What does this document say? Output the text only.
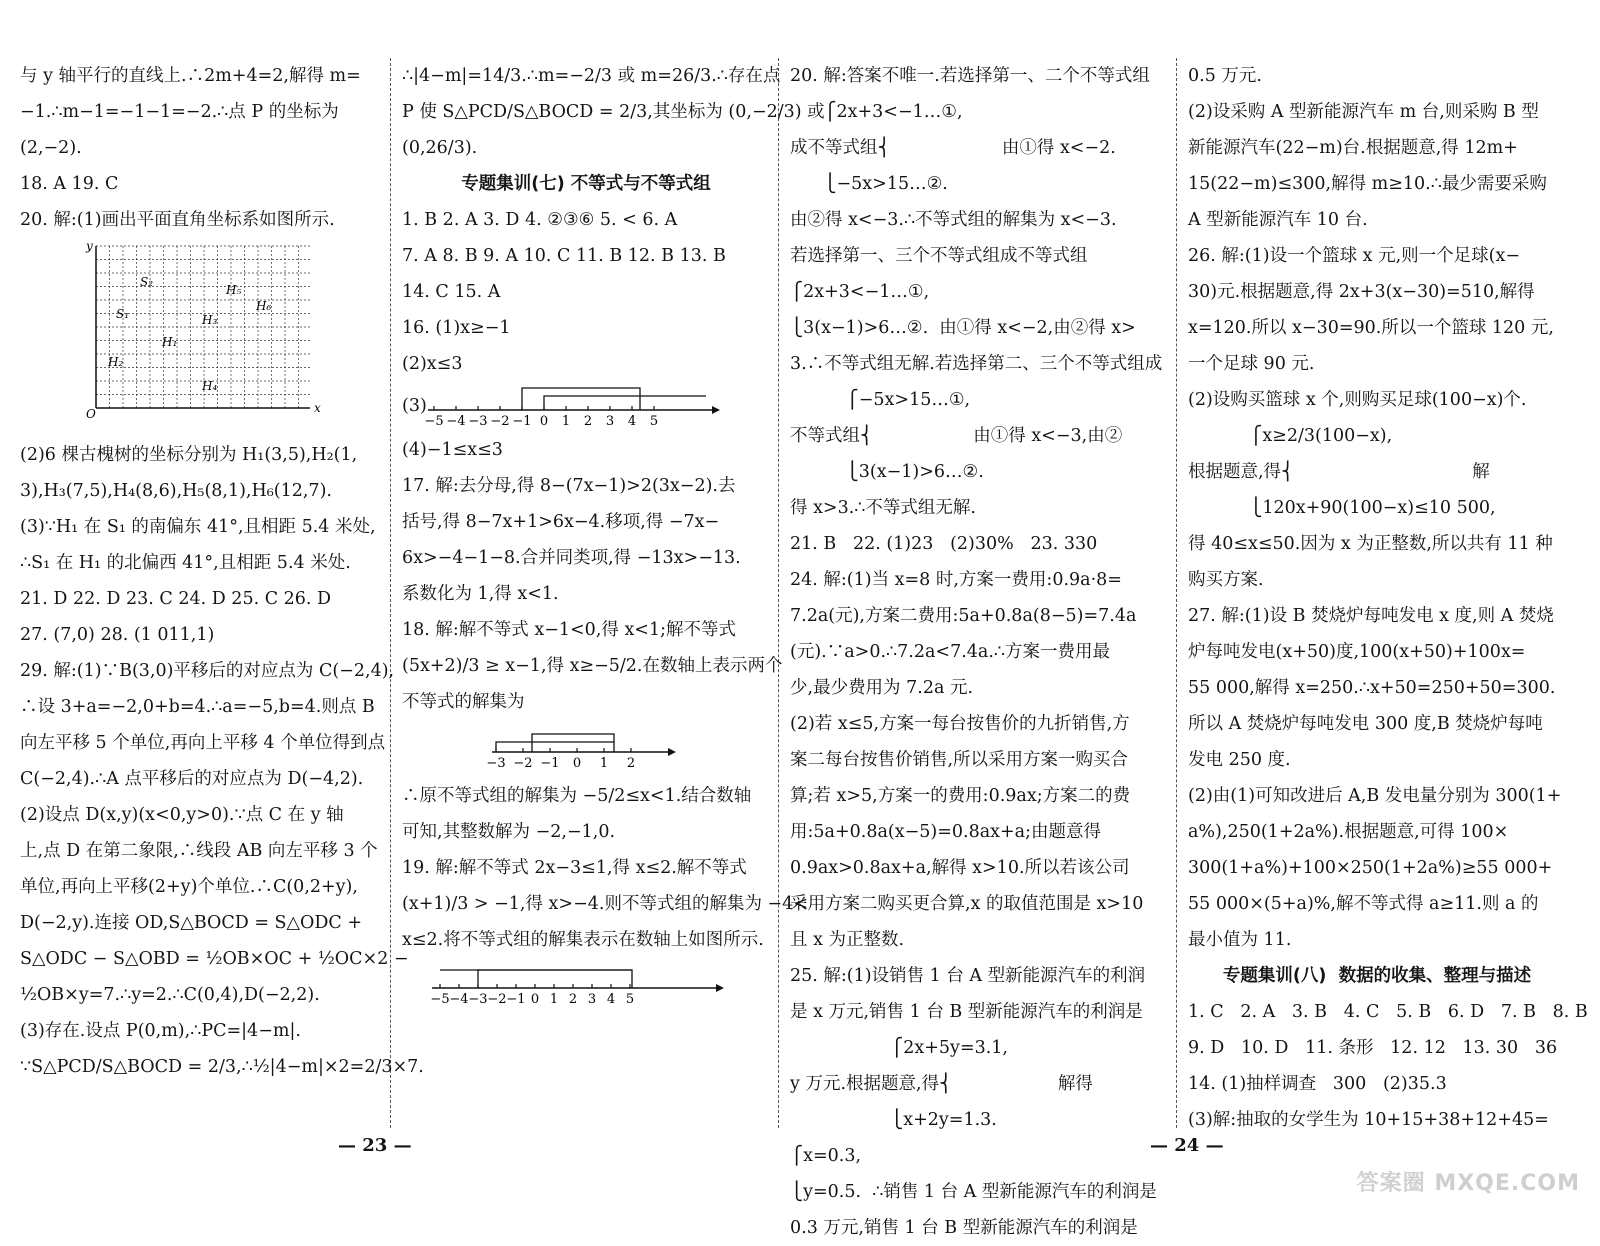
与 y 轴平行的直线上.∴2m+4=2,解得 m=
−1.∴m−1=−1−1=−2.∴点 P 的坐标为
(2,−2).
18. A 19. C
20. 解:(1)画出平面直角坐标系如图所示.
x
y
O
S₂
S₁
H₅
H₆
H₃
H₁
H₂
H₄
(2)6 棵古槐树的坐标分别为 H₁(3,5),H₂(1,
3),H₃(7,5),H₄(8,6),H₅(8,1),H₆(12,7).
(3)∵H₁ 在 S₁ 的南偏东 41°,且相距 5.4 米处,
∴S₁ 在 H₁ 的北偏西 41°,且相距 5.4 米处.
21. D 22. D 23. C 24. D 25. C 26. D
27. (7,0) 28. (1 011,1)
29. 解:(1)∵B(3,0)平移后的对应点为 C(−2,4),
∴设 3+a=−2,0+b=4.∴a=−5,b=4.则点 B
向左平移 5 个单位,再向上平移 4 个单位得到点
C(−2,4).∴A 点平移后的对应点为 D(−4,2).
(2)设点 D(x,y)(x<0,y>0).∵点 C 在 y 轴
上,点 D 在第二象限,∴线段 AB 向左平移 3 个
单位,再向上平移(2+y)个单位.∴C(0,2+y),
D(−2,y).连接 OD,S△BOCD = S△ODC +
S△ODC − S△OBD = ½OB×OC + ½OC×2 −
½OB×y=7.∴y=2.∴C(0,4),D(−2,2).
(3)存在.设点 P(0,m),∴PC=|4−m|.
∵S△PCD/S△BOCD = 2/3,∴½|4−m|×2=2/3×7.
— 23 —
∴|4−m|=14/3.∴m=−2/3 或 m=26/3.∴存在点
P 使 S△PCD/S△BOCD = 2/3,其坐标为 (0,−2/3) 或
(0,26/3).
专题集训(七) 不等式与不等式组
1. B 2. A 3. D 4. ②③⑥ 5. < 6. A
7. A 8. B 9. A 10. C 11. B 12. B 13. B
14. C 15. A
16. (1)x≥−1
(2)x≤3
(3)
−5 −4 −3 −2 −1 0 1 2 3 4 5
(4)−1≤x≤3
17. 解:去分母,得 8−(7x−1)>2(3x−2).去
括号,得 8−7x+1>6x−4.移项,得 −7x−
6x>−4−1−8.合并同类项,得 −13x>−13.
系数化为 1,得 x<1.
18. 解:解不等式 x−1<0,得 x<1;解不等式
(5x+2)/3 ≥ x−1,得 x≥−5/2.在数轴上表示两个
不等式的解集为
−3 −2 −1 0 1 2
∴原不等式组的解集为 −5/2≤x<1.结合数轴
可知,其整数解为 −2,−1,0.
19. 解:解不等式 2x−3≤1,得 x≤2.解不等式
(x+1)/3 > −1,得 x>−4.则不等式组的解集为 −4<
x≤2.将不等式组的解集表示在数轴上如图所示.
−5 −4 −3 −2 −1 0 1 2 3 4 5
20. 解:答案不唯一.若选择第一、二个不等式组
⎧2x+3<−1…①,
成不等式组⎨                    由①得 x<−2.
⎩−5x>15…②.
由②得 x<−3.∴不等式组的解集为 x<−3.
若选择第一、三个不等式组成不等式组
⎧2x+3<−1…①,
⎩3(x−1)>6…②.  由①得 x<−2,由②得 x>
3.∴不等式组无解.若选择第二、三个不等式组成
⎧−5x>15…①,
不等式组⎨                  由①得 x<−3,由②
⎩3(x−1)>6…②.
得 x>3.∴不等式组无解.
21. B   22. (1)23   (2)30%   23. 330
24. 解:(1)当 x=8 时,方案一费用:0.9a·8=
7.2a(元),方案二费用:5a+0.8a(8−5)=7.4a
(元).∵a>0.∴7.2a<7.4a.∴方案一费用最
少,最少费用为 7.2a 元.
(2)若 x≤5,方案一每台按售价的九折销售,方
案二每台按售价销售,所以采用方案一购买合
算;若 x>5,方案一的费用:0.9ax;方案二的费
用:5a+0.8a(x−5)=0.8ax+a;由题意得
0.9ax>0.8ax+a,解得 x>10.所以若该公司
采用方案二购买更合算,x 的取值范围是 x>10
且 x 为正整数.
25. 解:(1)设销售 1 台 A 型新能源汽车的利润
是 x 万元,销售 1 台 B 型新能源汽车的利润是
⎧2x+5y=3.1,
y 万元.根据题意,得⎨                   解得
⎩x+2y=1.3.
⎧x=0.3,
⎩y=0.5.  ∴销售 1 台 A 型新能源汽车的利润是
0.3 万元,销售 1 台 B 型新能源汽车的利润是
— 24 —
0.5 万元.
(2)设采购 A 型新能源汽车 m 台,则采购 B 型
新能源汽车(22−m)台.根据题意,得 12m+
15(22−m)≤300,解得 m≥10.∴最少需要采购
A 型新能源汽车 10 台.
26. 解:(1)设一个篮球 x 元,则一个足球(x−
30)元.根据题意,得 2x+3(x−30)=510,解得
x=120.所以 x−30=90.所以一个篮球 120 元,
一个足球 90 元.
(2)设购买篮球 x 个,则购买足球(100−x)个.
⎧x≥2/3(100−x),
根据题意,得⎨                                解
⎩120x+90(100−x)≤10 500,
得 40≤x≤50.因为 x 为正整数,所以共有 11 种
购买方案.
27. 解:(1)设 B 焚烧炉每吨发电 x 度,则 A 焚烧
炉每吨发电(x+50)度,100(x+50)+100x=
55 000,解得 x=250.∴x+50=250+50=300.
所以 A 焚烧炉每吨发电 300 度,B 焚烧炉每吨
发电 250 度.
(2)由(1)可知改进后 A,B 发电量分别为 300(1+
a%),250(1+2a%).根据题意,可得 100×
300(1+a%)+100×250(1+2a%)≥55 000+
55 000×(5+a)%,解不等式得 a≥11.则 a 的
最小值为 11.
专题集训(八)  数据的收集、整理与描述
1. C   2. A   3. B   4. C   5. B   6. D   7. B   8. B
9. D   10. D   11. 条形   12. 12   13. 30   36
14. (1)抽样调查   300   (2)35.3
(3)解:抽取的女学生为 10+15+38+12+45=
答案圈 MXQE.COM
